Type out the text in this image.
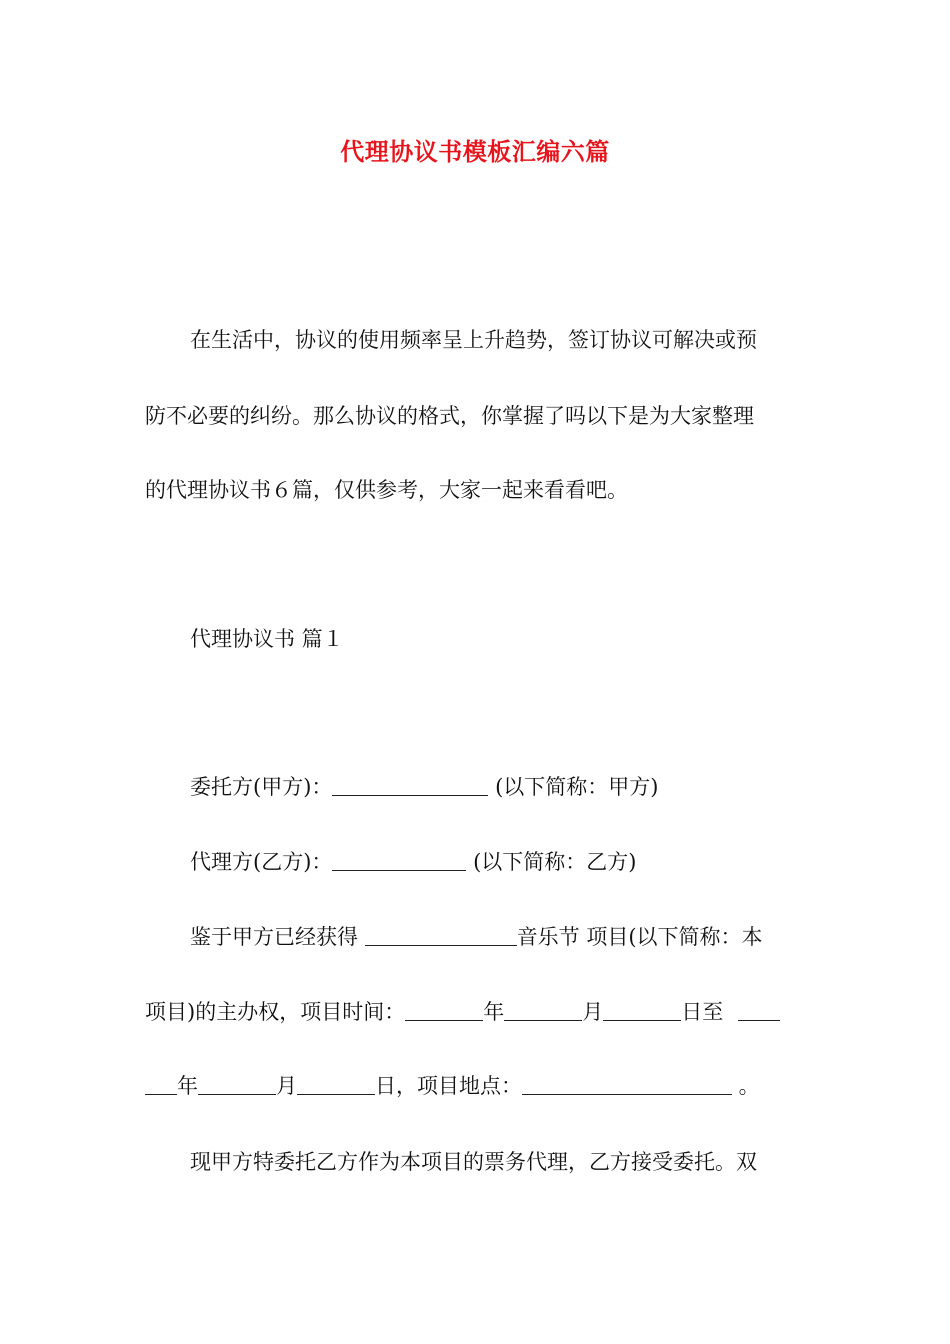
代理协议书模板汇编六篇

在生活中，协议的使用频率呈上升趋势，签订协议可解决或预

防不必要的纠纷。那么协议的格式，你掌握了吗以下是为大家整理

的代理协议书６篇，仅供参考，大家一起来看看吧。

代理协议书 篇１

委托方(甲方)：	(以下简称：甲方)

代理方(乙方)：	(以下简称：乙方)

鉴于甲方已经获得	音乐节 项目(以下简称：本

项目)的主办权，项目时间：	年	月	日至

年	月	日，项目地点：	。

现甲方特委托乙方作为本项目的票务代理，乙方接受委托。双
